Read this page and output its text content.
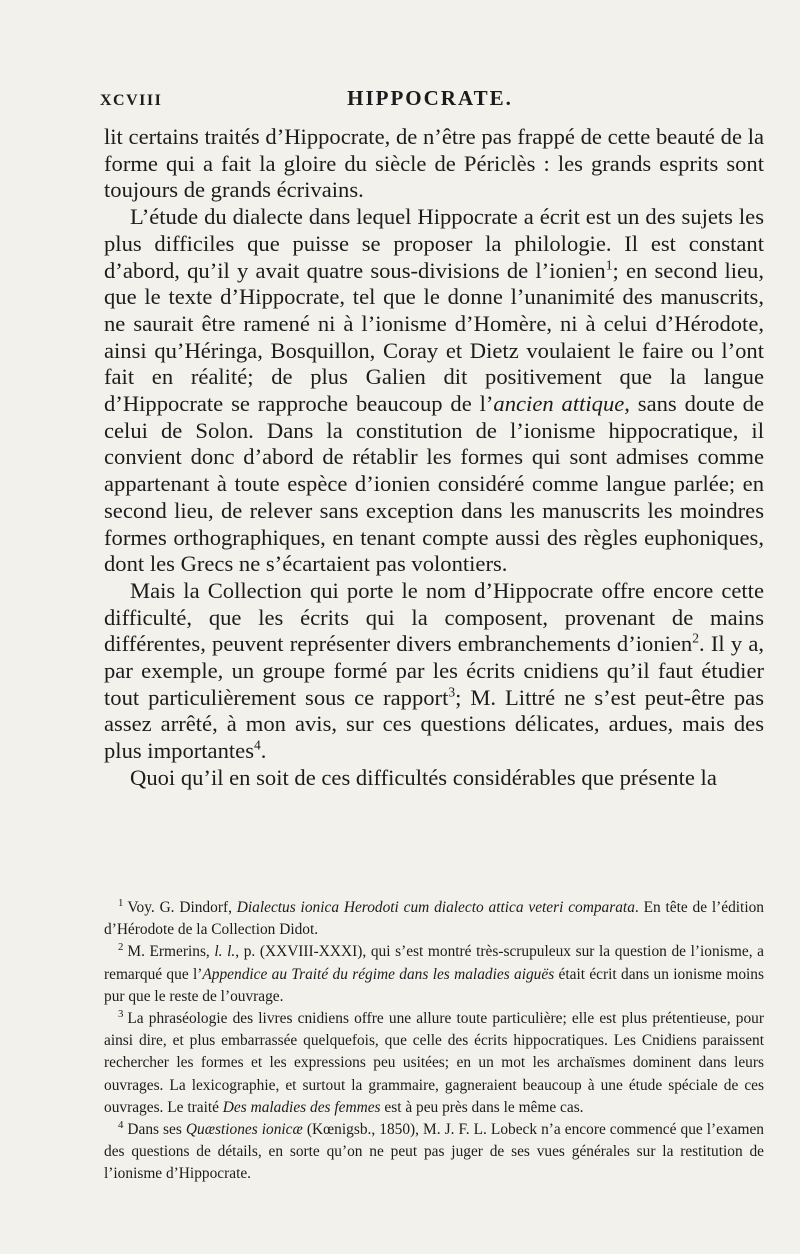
XCVIII	HIPPOCRATE.

lit certains traités d’Hippocrate, de n’être pas frappé de cette beauté de la forme qui a fait la gloire du siècle de Périclès : les grands esprits sont toujours de grands écrivains.

L’étude du dialecte dans lequel Hippocrate a écrit est un des sujets les plus difficiles que puisse se proposer la philologie. Il est constant d’abord, qu’il y avait quatre sous-divisions de l’ionien$^1$; en second lieu, que le texte d’Hippocrate, tel que le donne l’unanimité des manuscrits, ne saurait être ramené ni à l’ionisme d’Homère, ni à celui d’Hérodote, ainsi qu’Héringa, Bosquillon, Coray et Dietz voulaient le faire ou l’ont fait en réalité; de plus Galien dit positivement que la langue d’Hippocrate se rapproche beaucoup de l’ancien attique, sans doute de celui de Solon. Dans la constitution de l’ionisme hippocratique, il convient donc d’abord de rétablir les formes qui sont admises comme appartenant à toute espèce d’ionien considéré comme langue parlée; en second lieu, de relever sans exception dans les manuscrits les moindres formes orthographiques, en tenant compte aussi des règles euphoniques, dont les Grecs ne s’écartaient pas volontiers.

Mais la Collection qui porte le nom d’Hippocrate offre encore cette difficulté, que les écrits qui la composent, provenant de mains différentes, peuvent représenter divers embranchements d’ionien$^2$. Il y a, par exemple, un groupe formé par les écrits cnidiens qu’il faut étudier tout particulièrement sous ce rapport$^3$; M. Littré ne s’est peut-être pas assez arrêté, à mon avis, sur ces questions délicates, ardues, mais des plus importantes$^4$.

Quoi qu’il en soit de ces difficultés considérables que présente la

$^1$ Voy. G. Dindorf, Dialectus ionica Herodoti cum dialecto attica veteri comparata. En tête de l’édition d’Hérodote de la Collection Didot.

$^2$ M. Ermerins, l. l., p. (XXVIII-XXXI), qui s’est montré très-scrupuleux sur la question de l’ionisme, a remarqué que l’Appendice au Traité du régime dans les maladies aiguës était écrit dans un ionisme moins pur que le reste de l’ouvrage.

$^3$ La phraséologie des livres cnidiens offre une allure toute particulière; elle est plus prétentieuse, pour ainsi dire, et plus embarrassée quelquefois, que celle des écrits hippocratiques. Les Cnidiens paraissent rechercher les formes et les expressions peu usitées; en un mot les archaïsmes dominent dans leurs ouvrages. La lexicographie, et surtout la grammaire, gagneraient beaucoup à une étude spéciale de ces ouvrages. Le traité Des maladies des femmes est à peu près dans le même cas.

$^4$ Dans ses Quæstiones ionicæ (Kœnigsb., 1850), M. J. F. L. Lobeck n’a encore commencé que l’examen des questions de détails, en sorte qu’on ne peut pas juger de ses vues générales sur la restitution de l’ionisme d’Hippocrate.
